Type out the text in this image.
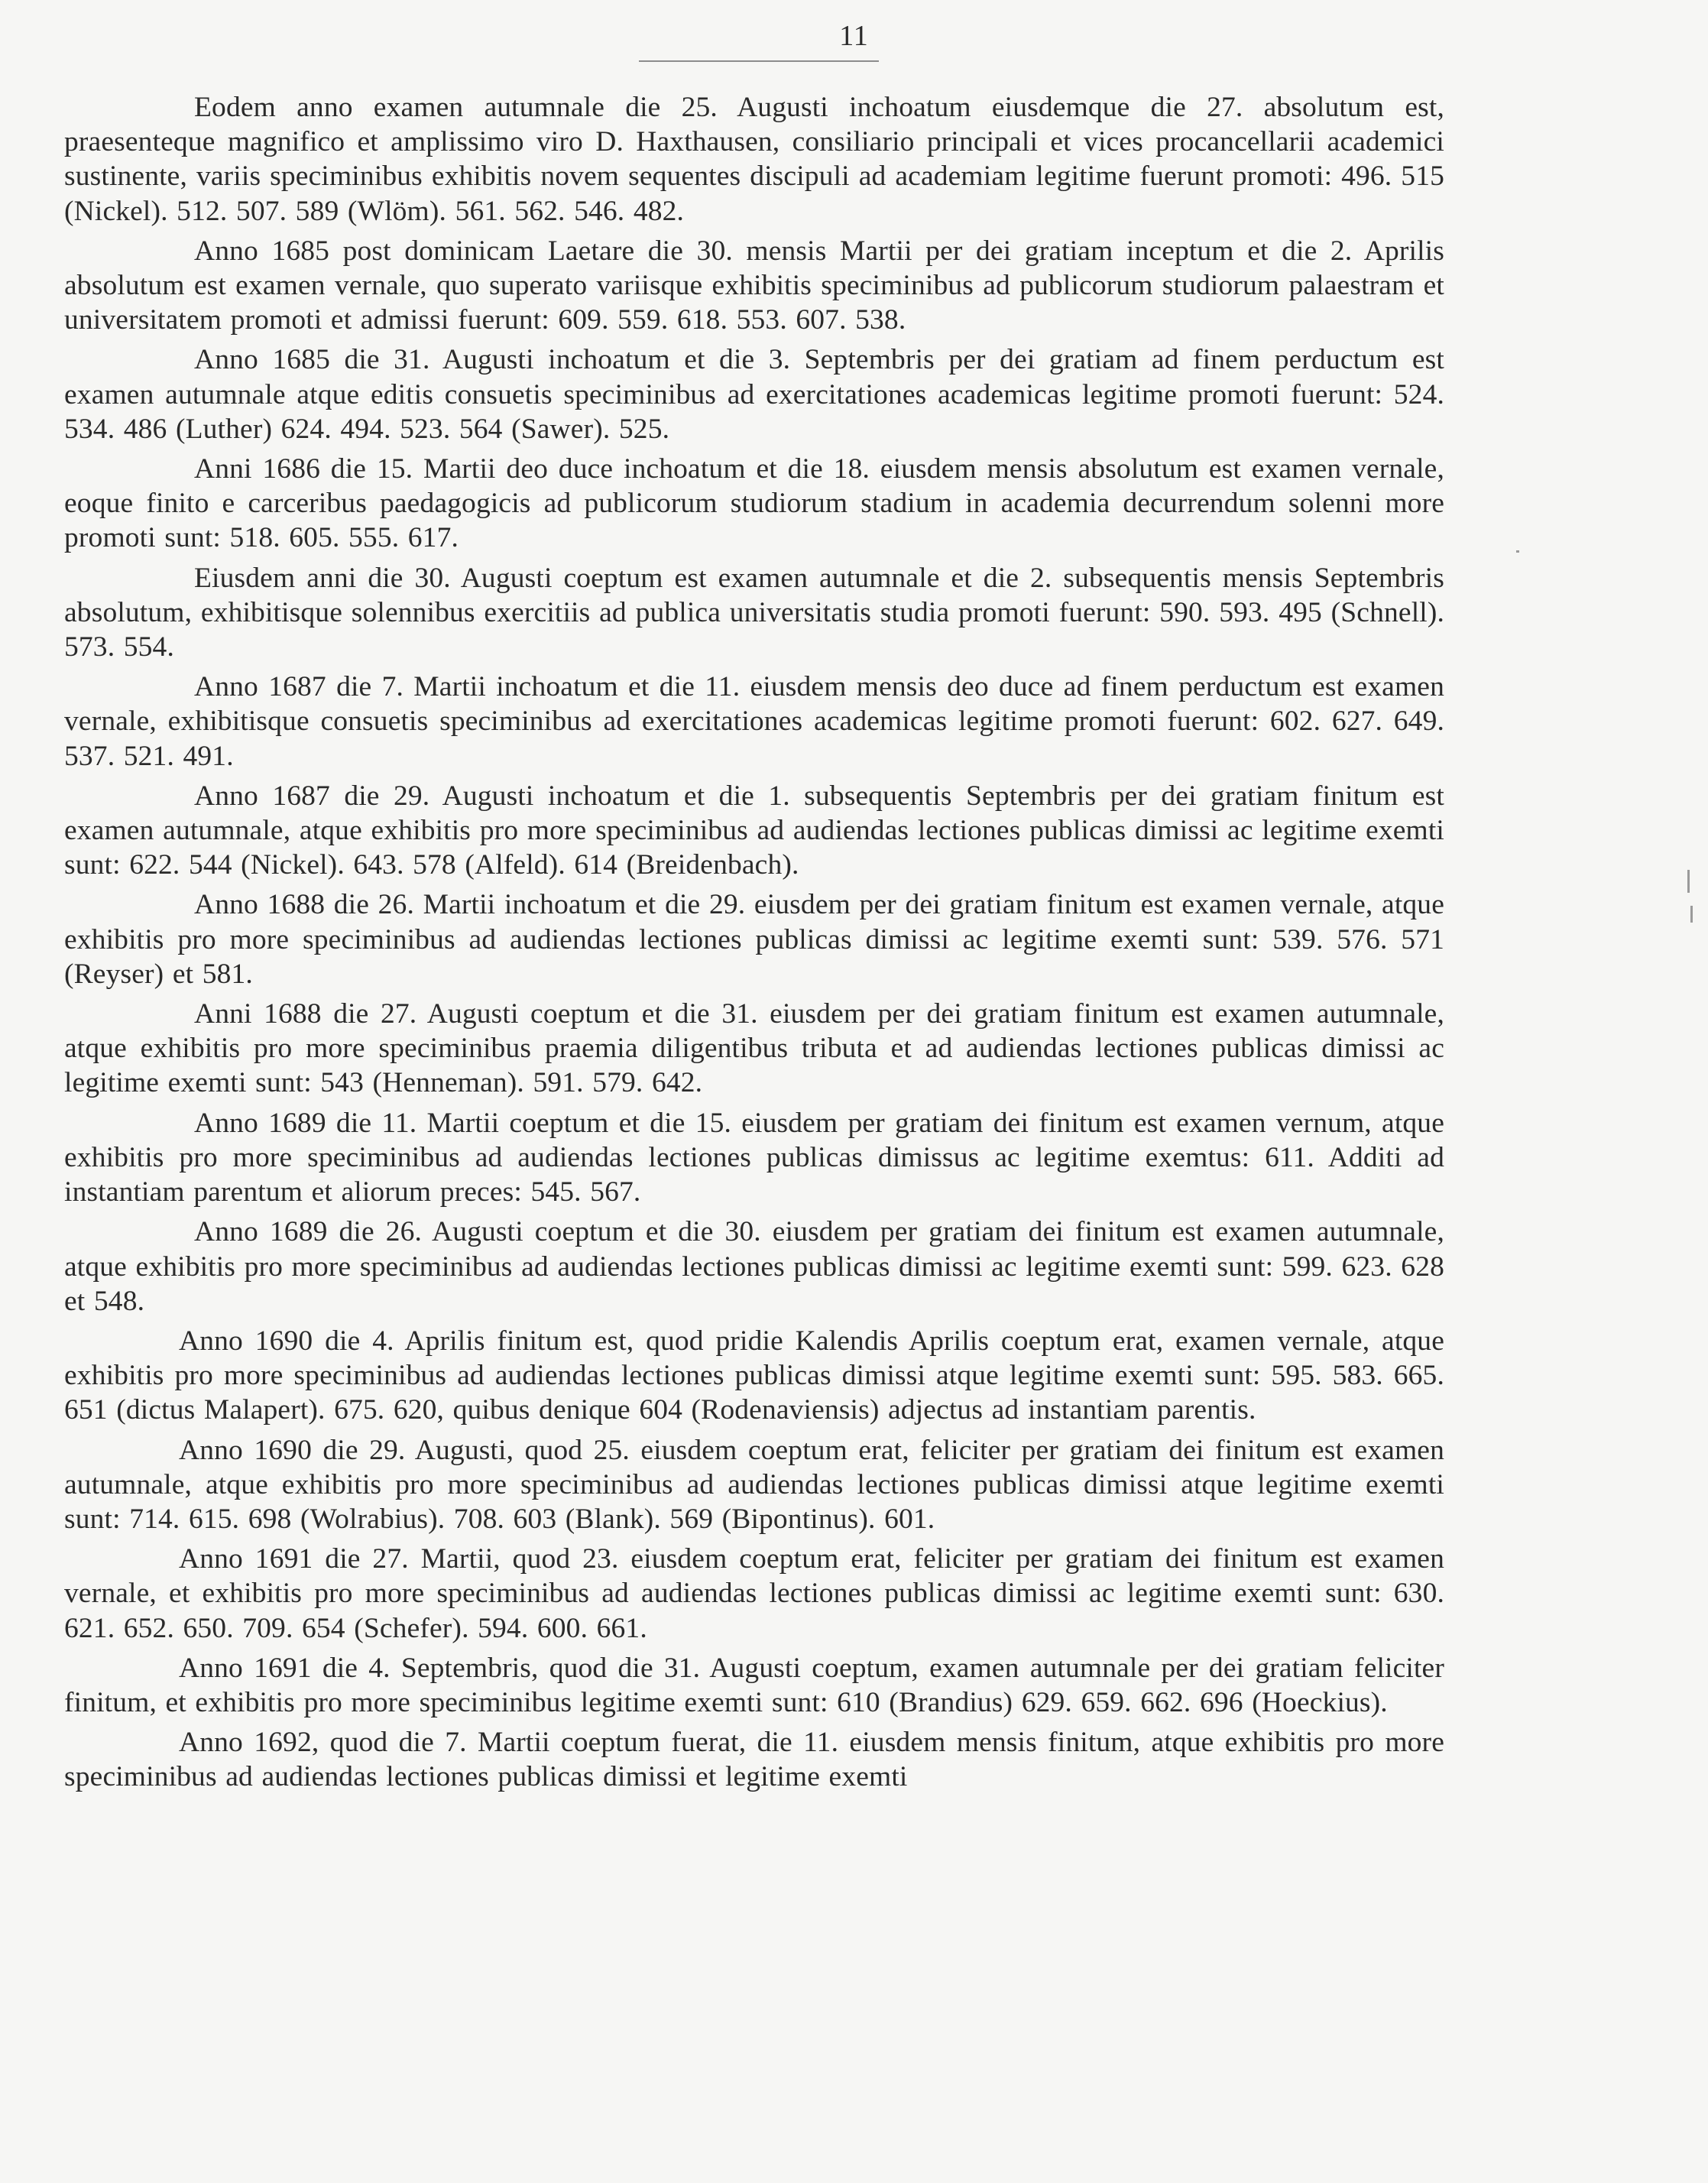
11

Eodem anno examen autumnale die 25. Augusti inchoatum eiusdemque die 27. absolutum est, praesenteque magnifico et amplissimo viro D. Haxthausen, consiliario principali et vices procancellarii academici sustinente, variis speciminibus exhibitis novem sequentes discipuli ad academiam legitime fuerunt promoti: 496. 515 (Nickel). 512. 507. 589 (Wlöm). 561. 562. 546. 482.

Anno 1685 post dominicam Laetare die 30. mensis Martii per dei gratiam inceptum et die 2. Aprilis absolutum est examen vernale, quo superato variisque exhibitis speciminibus ad publicorum studiorum palaestram et universitatem promoti et admissi fuerunt: 609. 559. 618. 553. 607. 538.

Anno 1685 die 31. Augusti inchoatum et die 3. Septembris per dei gratiam ad finem perductum est examen autumnale atque editis consuetis speciminibus ad exercitationes academicas legitime promoti fuerunt: 524. 534. 486 (Luther) 624. 494. 523. 564 (Sawer). 525.

Anni 1686 die 15. Martii deo duce inchoatum et die 18. eiusdem mensis absolutum est examen vernale, eoque finito e carceribus paedagogicis ad publicorum studiorum stadium in academia decurrendum solenni more promoti sunt: 518. 605. 555. 617.

Eiusdem anni die 30. Augusti coeptum est examen autumnale et die 2. subsequentis mensis Septembris absolutum, exhibitisque solennibus exercitiis ad publica universitatis studia promoti fuerunt: 590. 593. 495 (Schnell). 573. 554.

Anno 1687 die 7. Martii inchoatum et die 11. eiusdem mensis deo duce ad finem perductum est examen vernale, exhibitisque consuetis speciminibus ad exercitationes academicas legitime promoti fuerunt: 602. 627. 649. 537. 521. 491.

Anno 1687 die 29. Augusti inchoatum et die 1. subsequentis Septembris per dei gratiam finitum est examen autumnale, atque exhibitis pro more speciminibus ad audiendas lectiones publicas dimissi ac legitime exemti sunt: 622. 544 (Nickel). 643. 578 (Alfeld). 614 (Breidenbach).

Anno 1688 die 26. Martii inchoatum et die 29. eiusdem per dei gratiam finitum est examen vernale, atque exhibitis pro more speciminibus ad audiendas lectiones publicas dimissi ac legitime exemti sunt: 539. 576. 571 (Reyser) et 581.

Anni 1688 die 27. Augusti coeptum et die 31. eiusdem per dei gratiam finitum est examen autumnale, atque exhibitis pro more speciminibus praemia diligentibus tributa et ad audiendas lectiones publicas dimissi ac legitime exemti sunt: 543 (Henneman). 591. 579. 642.

Anno 1689 die 11. Martii coeptum et die 15. eiusdem per gratiam dei finitum est examen vernum, atque exhibitis pro more speciminibus ad audiendas lectiones publicas dimissus ac legitime exemtus: 611. Additi ad instantiam parentum et aliorum preces: 545. 567.

Anno 1689 die 26. Augusti coeptum et die 30. eiusdem per gratiam dei finitum est examen autumnale, atque exhibitis pro more speciminibus ad audiendas lectiones publicas dimissi ac legitime exemti sunt: 599. 623. 628 et 548.

Anno 1690 die 4. Aprilis finitum est, quod pridie Kalendis Aprilis coeptum erat, examen vernale, atque exhibitis pro more speciminibus ad audiendas lectiones publicas dimissi atque legitime exemti sunt: 595. 583. 665. 651 (dictus Malapert). 675. 620, quibus denique 604 (Rodenaviensis) adjectus ad instantiam parentis.

Anno 1690 die 29. Augusti, quod 25. eiusdem coeptum erat, feliciter per gratiam dei finitum est examen autumnale, atque exhibitis pro more speciminibus ad audiendas lectiones publicas dimissi atque legitime exemti sunt: 714. 615. 698 (Wolrabius). 708. 603 (Blank). 569 (Bipontinus). 601.

Anno 1691 die 27. Martii, quod 23. eiusdem coeptum erat, feliciter per gratiam dei finitum est examen vernale, et exhibitis pro more speciminibus ad audiendas lectiones publicas dimissi ac legitime exemti sunt: 630. 621. 652. 650. 709. 654 (Schefer). 594. 600. 661.

Anno 1691 die 4. Septembris, quod die 31. Augusti coeptum, examen autumnale per dei gratiam feliciter finitum, et exhibitis pro more speciminibus legitime exemti sunt: 610 (Brandius) 629. 659. 662. 696 (Hoeckius).

Anno 1692, quod die 7. Martii coeptum fuerat, die 11. eiusdem mensis finitum, atque exhibitis pro more speciminibus ad audiendas lectiones publicas dimissi et legitime exemti
